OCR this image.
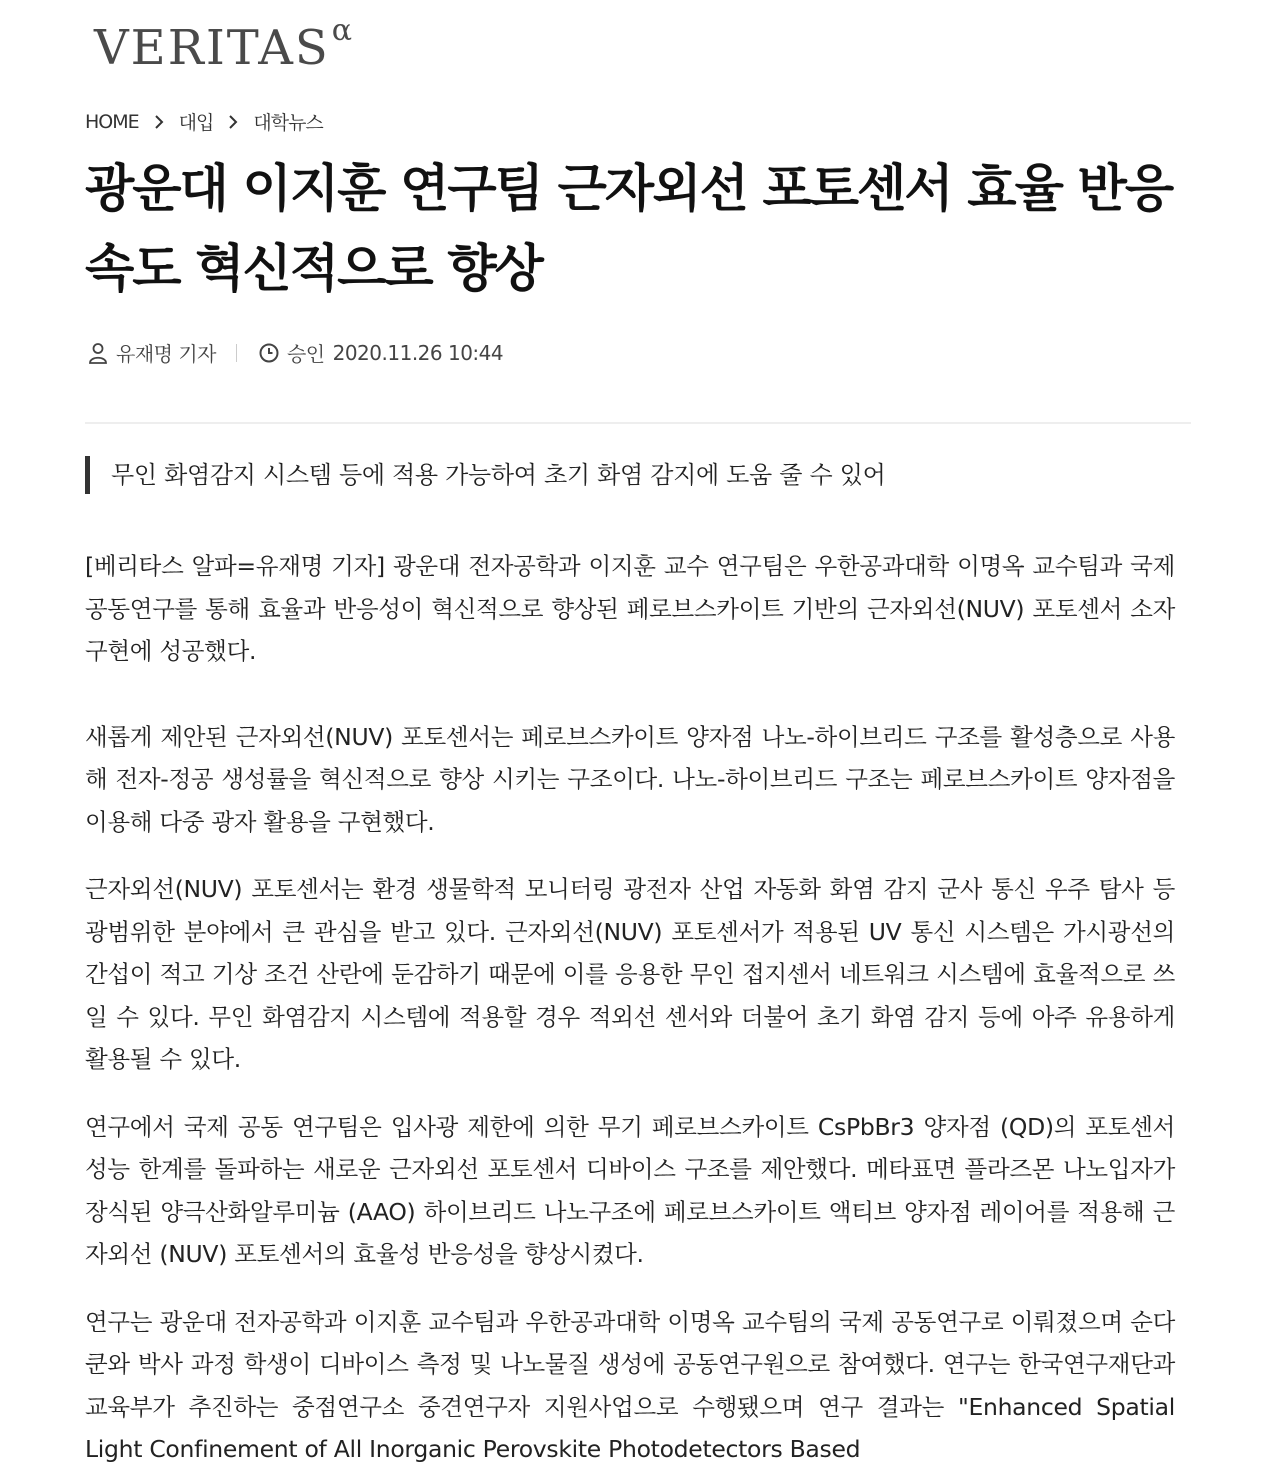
VERITAS α
HOME 대입 대학뉴스
광운대 이지훈 연구팀 근자외선 포토센서 효율 반응속도 혁신적으로 향상
유재명 기자	승인 2020.11.26 10:44
무인 화염감지 시스템 등에 적용 가능하여 초기 화염 감지에 도움 줄 수 있어

[베리타스 알파=유재명 기자] 광운대 전자공학과 이지훈 교수 연구팀은 우한공과대학 이명옥 교수팀과 국제 공동연구를 통해 효율과 반응성이 혁신적으로 향상된 페로브스카이트 기반의 근자외선(NUV) 포토센서 소자 구현에 성공했다.

새롭게 제안된 근자외선(NUV) 포토센서는 페로브스카이트 양자점 나노-하이브리드 구조를 활성층으로 사용해 전자-정공 생성률을 혁신적으로 향상 시키는 구조이다. 나노-하이브리드 구조는 페로브스카이트 양자점을 이용해 다중 광자 활용을 구현했다.

근자외선(NUV) 포토센서는 환경 생물학적 모니터링 광전자 산업 자동화 화염 감지 군사 통신 우주 탐사 등 광범위한 분야에서 큰 관심을 받고 있다. 근자외선(NUV) 포토센서가 적용된 UV 통신 시스템은 가시광선의 간섭이 적고 기상 조건 산란에 둔감하기 때문에 이를 응용한 무인 접지센서 네트워크 시스템에 효율적으로 쓰일 수 있다. 무인 화염감지 시스템에 적용할 경우 적외선 센서와 더불어 초기 화염 감지 등에 아주 유용하게 활용될 수 있다.

연구에서 국제 공동 연구팀은 입사광 제한에 의한 무기 페로브스카이트 CsPbBr3 양자점 (QD)의 포토센서 성능 한계를 돌파하는 새로운 근자외선 포토센서 디바이스 구조를 제안했다. 메타표면 플라즈몬 나노입자가 장식된 양극산화알루미늄 (AAO) 하이브리드 나노구조에 페로브스카이트 액티브 양자점 레이어를 적용해 근자외선 (NUV) 포토센서의 효율성 반응성을 향상시켰다.

연구는 광운대 전자공학과 이지훈 교수팀과 우한공과대학 이명옥 교수팀의 국제 공동연구로 이뤄졌으며 순다 쿤와 박사 과정 학생이 디바이스 측정 및 나노물질 생성에 공동연구원으로 참여했다. 연구는 한국연구재단과 교육부가 추진하는 중점연구소 중견연구자 지원사업으로 수행됐으며 연구 결과는 "Enhanced Spatial Light Confinement of All Inorganic Perovskite Photodetectors Based
